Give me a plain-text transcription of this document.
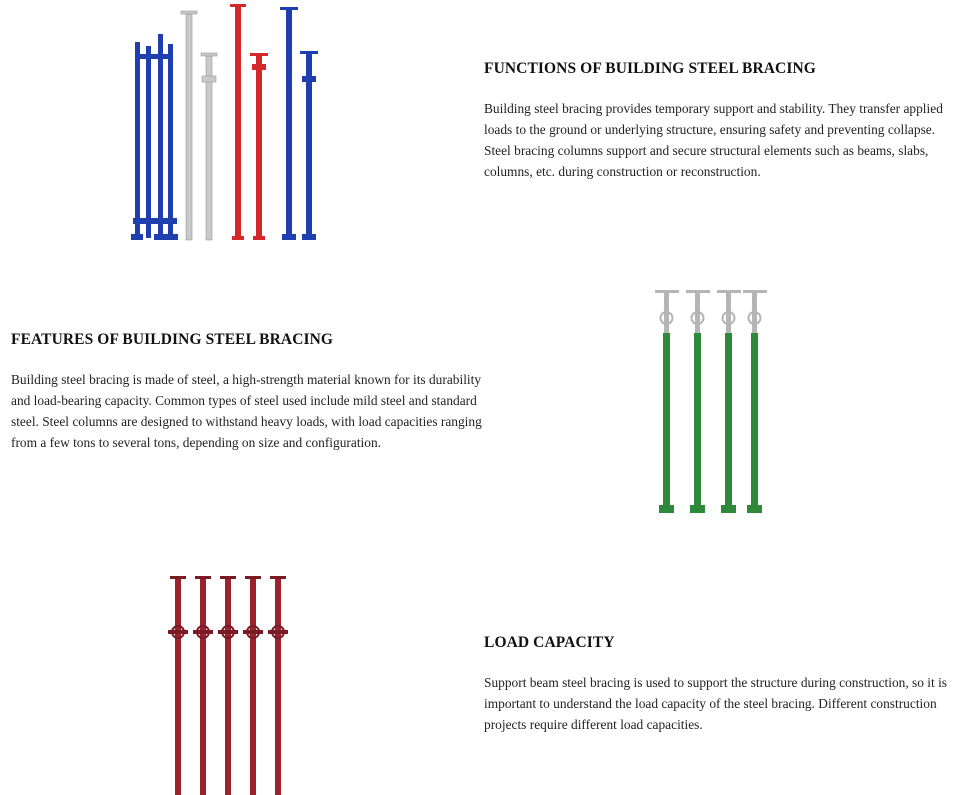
FUNCTIONS OF BUILDING STEEL BRACING

Building steel bracing provides temporary support and stability. They transfer applied loads to the ground or underlying structure, ensuring safety and preventing collapse. Steel bracing columns support and secure structural elements such as beams, slabs, columns, etc. during construction or reconstruction.

FEATURES OF BUILDING STEEL BRACING

Building steel bracing is made of steel, a high-strength material known for its durability and load-bearing capacity. Common types of steel used include mild steel and standard steel. Steel columns are designed to withstand heavy loads, with load capacities ranging from a few tons to several tons, depending on size and configuration.

LOAD CAPACITY

Support beam steel bracing is used to support the structure during construction, so it is important to understand the load capacity of the steel bracing. Different construction projects require different load capacities.
